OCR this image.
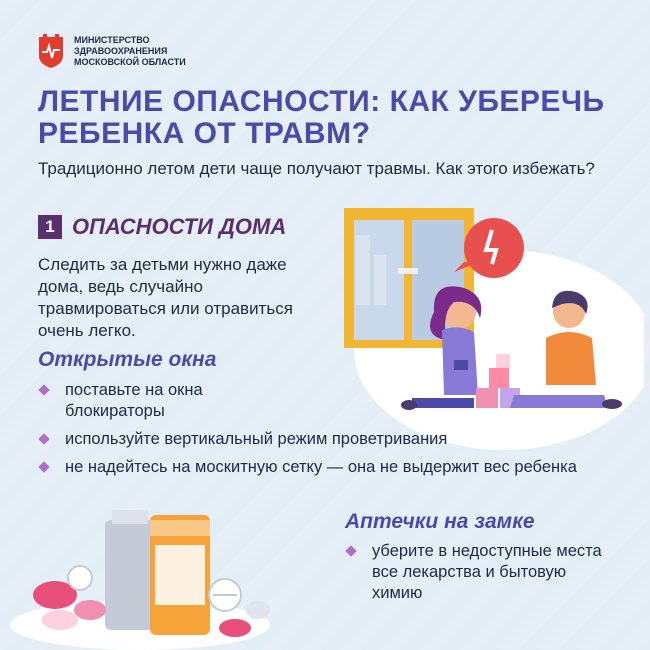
МИНИСТЕРСТВО
ЗДРАВООХРАНЕНИЯ
МОСКОВСКОЙ ОБЛАСТИ
ЛЕТНИЕ ОПАСНОСТИ: КАК УБЕРЕЧЬ РЕБЕНКА ОТ ТРАВМ?
Традиционно летом дети чаще получают травмы. Как этого избежать?
1 ОПАСНОСТИ ДОМА
Следить за детьми нужно даже дома, ведь случайно травмироваться или отравиться очень легко.
Открытые окна
поставьте на окна блокираторы
используйте вертикальный режим проветривания
не надейтесь на москитную сетку — она не выдержит вес ребенка
Аптечки на замке
уберите в недоступные места все лекарства и бытовую химию
